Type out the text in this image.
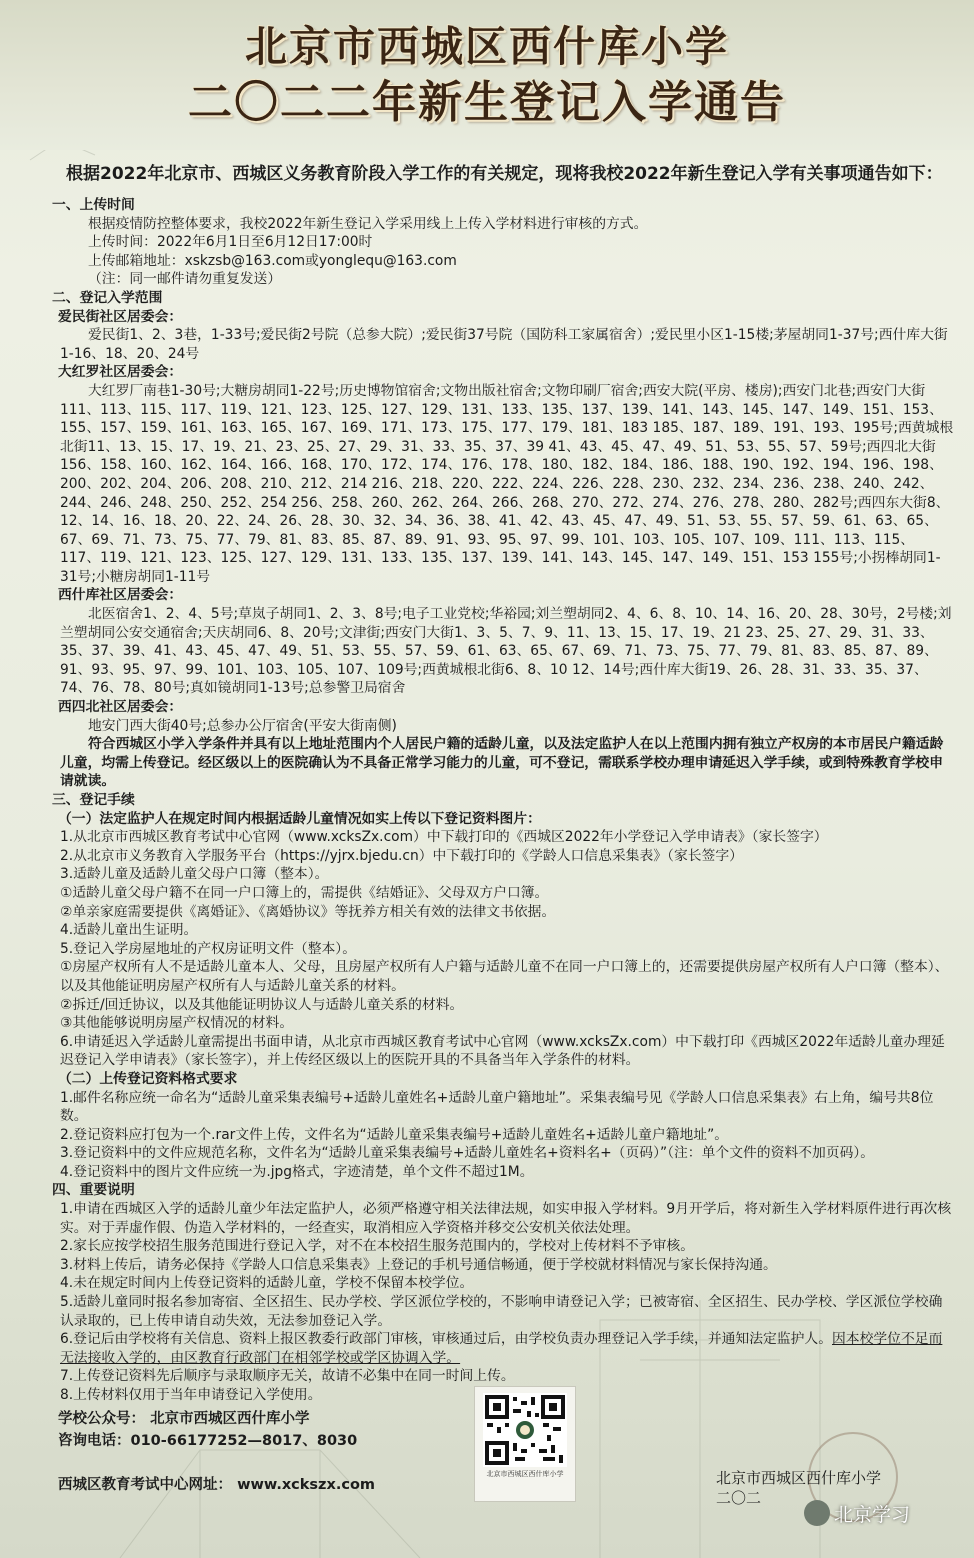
北京市西城区西什库小学
二〇二二年新生登记入学通告

根据2022年北京市、西城区义务教育阶段入学工作的有关规定，现将我校2022年新生登记入学有关事项通告如下：

一、上传时间

根据疫情防控整体要求，我校2022年新生登记入学采用线上上传入学材料进行审核的方式。

上传时间：2022年6月1日至6月12日17:00时

上传邮箱地址：xskzsb@163.com或yonglequ@163.com

（注：同一邮件请勿重复发送）

二、登记入学范围

爱民街社区居委会：

爱民街1、2、3巷，1-33号;爱民街2号院（总参大院）;爱民街37号院（国防科工家属宿舍）;爱民里小区1-15楼;茅屋胡同1-37号;西什库大街1-16、18、20、24号

大红罗社区居委会：

大红罗厂南巷1-30号;大糖房胡同1-22号;历史博物馆宿舍;文物出版社宿舍;文物印刷厂宿舍;西安大院(平房、楼房);西安门北巷;西安门大街111、113、115、117、119、121、123、125、127、129、131、133、135、137、139、141、143、145、147、149、151、153、155、157、159、161、163、165、167、169、171、173、175、177、179、181、183 185、187、189、191、193、195号;西黄城根北街11、13、15、17、19、21、23、25、27、29、31、33、35、37、39 41、43、45、47、49、51、53、55、57、59号;西四北大街156、158、160、162、164、166、168、170、172、174、176、178、180、182、184、186、188、190、192、194、196、198、200、202、204、206、208、210、212、214 216、218、220、222、224、226、228、230、232、234、236、238、240、242、244、246、248、250、252、254 256、258、260、262、264、266、268、270、272、274、276、278、280、282号;西四东大街8、12、14、16、18、20、22、24、26、28、30、32、34、36、38、41、42、43、45、47、49、51、53、55、57、59、61、63、65、67、69、71、73、75、77、79、81、83、85、87、89、91、93、95、97、99、101、103、105、107、109、111、113、115、117、119、121、123、125、127、129、131、133、135、137、139、141、143、145、147、149、151、153 155号;小拐棒胡同1-31号;小糖房胡同1-11号

西什库社区居委会：

北医宿舍1、2、4、5号;草岚子胡同1、2、3、8号;电子工业党校;华裕园;刘兰塑胡同2、4、6、8、10、14、16、20、28、30号，2号楼;刘兰塑胡同公安交通宿舍;天庆胡同6、8、20号;文津街;西安门大街1、3、5、7、9、11、13、15、17、19、21 23、25、27、29、31、33、35、37、39、41、43、45、47、49、51、53、55、57、59、61、63、65、67、69、71、73、75、77、79、81、83、85、87、89、91、93、95、97、99、101、103、105、107、109号;西黄城根北街6、8、10 12、14号;西什库大街19、26、28、31、33、35、37、74、76、78、80号;真如镜胡同1-13号;总参警卫局宿舍

西四北社区居委会：

地安门西大街40号;总参办公厅宿舍(平安大街南侧)

符合西城区小学入学条件并具有以上地址范围内个人居民户籍的适龄儿童，以及法定监护人在以上范围内拥有独立产权房的本市居民户籍适龄儿童，均需上传登记。经区级以上的医院确认为不具备正常学习能力的儿童，可不登记，需联系学校办理申请延迟入学手续，或到特殊教育学校申请就读。

三、登记手续

（一）法定监护人在规定时间内根据适龄儿童情况如实上传以下登记资料图片：

1.从北京市西城区教育考试中心官网（www.xcksZx.com）中下载打印的《西城区2022年小学登记入学申请表》（家长签字）

2.从北京市义务教育入学服务平台（https://yjrx.bjedu.cn）中下载打印的《学龄人口信息采集表》（家长签字）

3.适龄儿童及适龄儿童父母户口簿（整本）。

①适龄儿童父母户籍不在同一户口簿上的，需提供《结婚证》、父母双方户口簿。

②单亲家庭需要提供《离婚证》、《离婚协议》等抚养方相关有效的法律文书依据。

4.适龄儿童出生证明。

5.登记入学房屋地址的产权房证明文件（整本）。

①房屋产权所有人不是适龄儿童本人、父母，且房屋产权所有人户籍与适龄儿童不在同一户口簿上的，还需要提供房屋产权所有人户口簿（整本）、以及其他能证明房屋产权所有人与适龄儿童关系的材料。

②拆迁/回迁协议，以及其他能证明协议人与适龄儿童关系的材料。

③其他能够说明房屋产权情况的材料。

6.申请延迟入学适龄儿童需提出书面申请，从北京市西城区教育考试中心官网（www.xcksZx.com）中下载打印《西城区2022年适龄儿童办理延迟登记入学申请表》（家长签字），并上传经区级以上的医院开具的不具备当年入学条件的材料。

（二）上传登记资料格式要求

1.邮件名称应统一命名为“适龄儿童采集表编号+适龄儿童姓名+适龄儿童户籍地址”。采集表编号见《学龄人口信息采集表》右上角，编号共8位数。

2.登记资料应打包为一个.rar文件上传，文件名为“适龄儿童采集表编号+适龄儿童姓名+适龄儿童户籍地址”。

3.登记资料中的文件应规范名称，文件名为“适龄儿童采集表编号+适龄儿童姓名+资料名+（页码）”（注：单个文件的资料不加页码）。

4.登记资料中的图片文件应统一为.jpg格式，字迹清楚，单个文件不超过1M。

四、重要说明

1.申请在西城区入学的适龄儿童少年法定监护人，必须严格遵守相关法律法规，如实申报入学材料。9月开学后，将对新生入学材料原件进行再次核实。对于弄虚作假、伪造入学材料的，一经查实，取消相应入学资格并移交公安机关依法处理。

2.家长应按学校招生服务范围进行登记入学，对不在本校招生服务范围内的，学校对上传材料不予审核。

3.材料上传后，请务必保持《学龄人口信息采集表》上登记的手机号通信畅通，便于学校就材料情况与家长保持沟通。

4.未在规定时间内上传登记资料的适龄儿童，学校不保留本校学位。

5.适龄儿童同时报名参加寄宿、全区招生、民办学校、学区派位学校的，不影响申请登记入学；已被寄宿、全区招生、民办学校、学区派位学校确认录取的，已上传申请自动失效，无法参加登记入学。

6.登记后由学校将有关信息、资料上报区教委行政部门审核，审核通过后，由学校负责办理登记入学手续，并通知法定监护人。因本校学位不足而无法接收入学的，由区教育行政部门在相邻学校或学区协调入学。

7.上传登记资料先后顺序与录取顺序无关，故请不必集中在同一时间上传。

8.上传材料仅用于当年申请登记入学使用。

学校公众号： 北京市西城区西什库小学

咨询电话：010-66177252—8017、8030

西城区教育考试中心网址： www.xckszx.com

北京市西城区西什库小学	北京市西城区西什库小学
二〇二
北京学习
